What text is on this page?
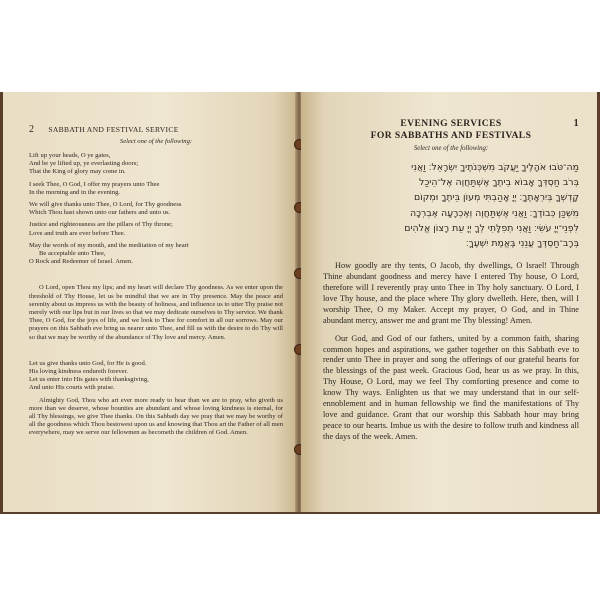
2 SABBATH AND FESTIVAL SERVICE
Select one of the following:
Lift up your heads, O ye gates,
And be ye lifted up, ye everlasting doors;
That the King of glory may come in.
I seek Thee, O God, I offer my prayers unto Thee
In the morning and in the evening.
We will give thanks unto Thee, O Lord, for Thy goodness
Which Thou hast shown unto our fathers and unto us.
Justice and righteousness are the pillars of Thy throne;
Love and truth are ever before Thee.
May the words of my mouth, and the meditation of my heart
Be acceptable unto Thee,
O Rock and Redeemer of Israel. Amen.

O Lord, open Thou my lips; and my heart will declare Thy goodness. As we enter upon the threshold of Thy House, let us be mindful that we are in Thy presence. May the peace and serenity about us impress us with the beauty of holiness, and influence us to utter Thy praise not merely with our lips but in our lives so that we may dedicate ourselves to Thy service. We thank Thee, O God, for the joys of life, and we look to Thee for comfort in all our sorrows. May our prayers on this Sabbath eve bring us nearer unto Thee, and fill us with the desire to do Thy will so that we may be worthy of the abundance of Thy love and mercy. Amen.

Let us give thanks unto God, for He is good.
His loving kindness endureth forever.
Let us enter into His gates with thanksgiving,
And unto His courts with praise.

Almighty God, Thou who art ever more ready to hear than we are to pray, who giveth us more than we deserve, whose bounties are abundant and whose loving kindness is eternal, for all Thy blessings, we give Thee thanks. On this Sabbath day we pray that we may be worthy of all the goodness which Thou bestowest upon us and knowing that Thou art the Father of all men everywhere, may we serve our fellowmen as becometh the children of God. Amen.

EVENING SERVICES
FOR SABBATHS AND FESTIVALS
1
Select one of the following:
מַה־טֹּבוּ אֹהָלֶיךָ יַעֲקֹב מִשְׁכְּנֹתֶיךָ יִשְׂרָאֵל׃ וַאֲנִי
בְּרֹב חַסְדְּךָ אָבוֹא בֵיתֶךָ אֶשְׁתַּחֲוֶה אֶל־הֵיכַל
קָדְשְׁךָ בְּיִרְאָתֶךָ׃ יְיָ אָהַבְתִּי מְעוֹן בֵּיתֶךָ וּמְקוֹם
מִשְׁכַּן כְּבוֹדֶךָ׃ וַאֲנִי אֶשְׁתַּחֲוֶה וְאֶכְרָעָה אֶבְרְכָה
לִפְנֵי־יְיָ עֹשִׂי׃ וַאֲנִי תְפִלָּתִי לְךָ יְיָ עֵת רָצוֹן אֱלֹהִים
בְּרָב־חַסְדֶּךָ עֲנֵנִי בֶּאֱמֶת יִשְׁעֶךָ׃

How goodly are thy tents, O Jacob, thy dwellings, O Israel! Through Thine abundant goodness and mercy have I entered Thy house, O Lord, therefore will I reverently pray unto Thee in Thy holy sanctuary. O Lord, I love Thy house, and the place where Thy glory dwelleth. Here, then, will I worship Thee, O my Maker. Accept my prayer, O God, and in Thine abundant mercy, answer me and grant me Thy blessing! Amen.

Our God, and God of our fathers, united by a common faith, sharing common hopes and aspirations, we gather together on this Sabbath eve to render unto Thee in prayer and song the offerings of our grateful hearts for the blessings of the past week. Gracious God, hear us as we pray. In this, Thy House, O Lord, may we feel Thy comforting presence and come to know Thy ways. Enlighten us that we may understand that in our self-ennoblement and in human fellowship we find the manifestations of Thy love and guidance. Grant that our worship this Sabbath hour may bring peace to our hearts. Imbue us with the desire to follow truth and kindness all the days of the week. Amen.
